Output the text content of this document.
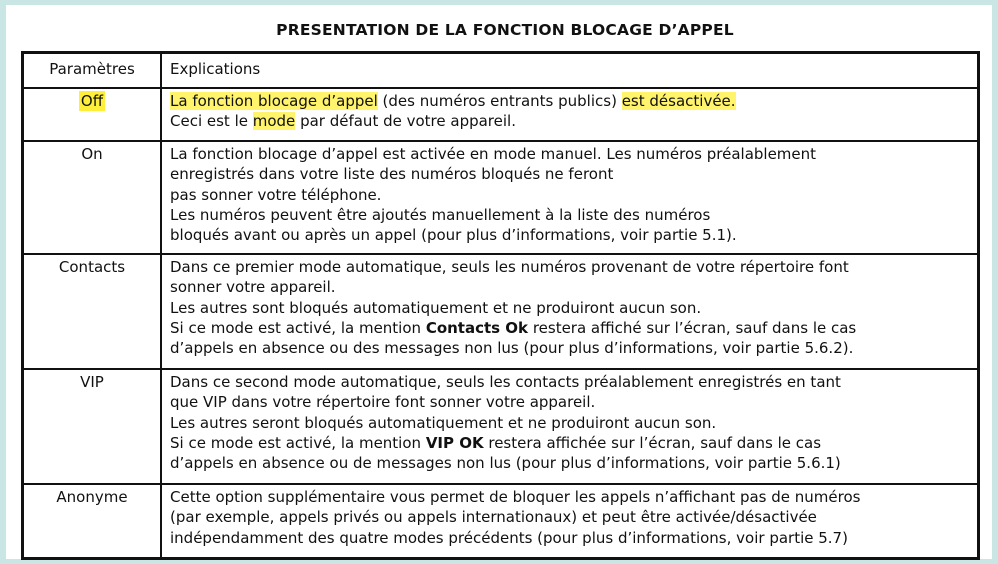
PRESENTATION DE LA FONCTION BLOCAGE D’APPEL
Paramètres	Explications
Off	La fonction blocage d’appel (des numéros entrants publics) est désactivée.
Ceci est le mode par défaut de votre appareil.

On	La fonction blocage d’appel est activée en mode manuel. Les numéros préalablement
enregistrés dans votre liste des numéros bloqués ne feront
pas sonner votre téléphone.
Les numéros peuvent être ajoutés manuellement à la liste des numéros
bloqués avant ou après un appel (pour plus d’informations, voir partie 5.1).

Contacts	Dans ce premier mode automatique, seuls les numéros provenant de votre répertoire font
sonner votre appareil.
Les autres sont bloqués automatiquement et ne produiront aucun son.
Si ce mode est activé, la mention Contacts Ok restera affiché sur l’écran, sauf dans le cas
d’appels en absence ou des messages non lus (pour plus d’informations, voir partie 5.6.2).

VIP	Dans ce second mode automatique, seuls les contacts préalablement enregistrés en tant
que VIP dans votre répertoire font sonner votre appareil.
Les autres seront bloqués automatiquement et ne produiront aucun son.
Si ce mode est activé, la mention VIP OK restera affichée sur l’écran, sauf dans le cas
d’appels en absence ou de messages non lus (pour plus d’informations, voir partie 5.6.1)

Anonyme	Cette option supplémentaire vous permet de bloquer les appels n’affichant pas de numéros
(par exemple, appels privés ou appels internationaux) et peut être activée/désactivée
indépendamment des quatre modes précédents (pour plus d’informations, voir partie 5.7)
